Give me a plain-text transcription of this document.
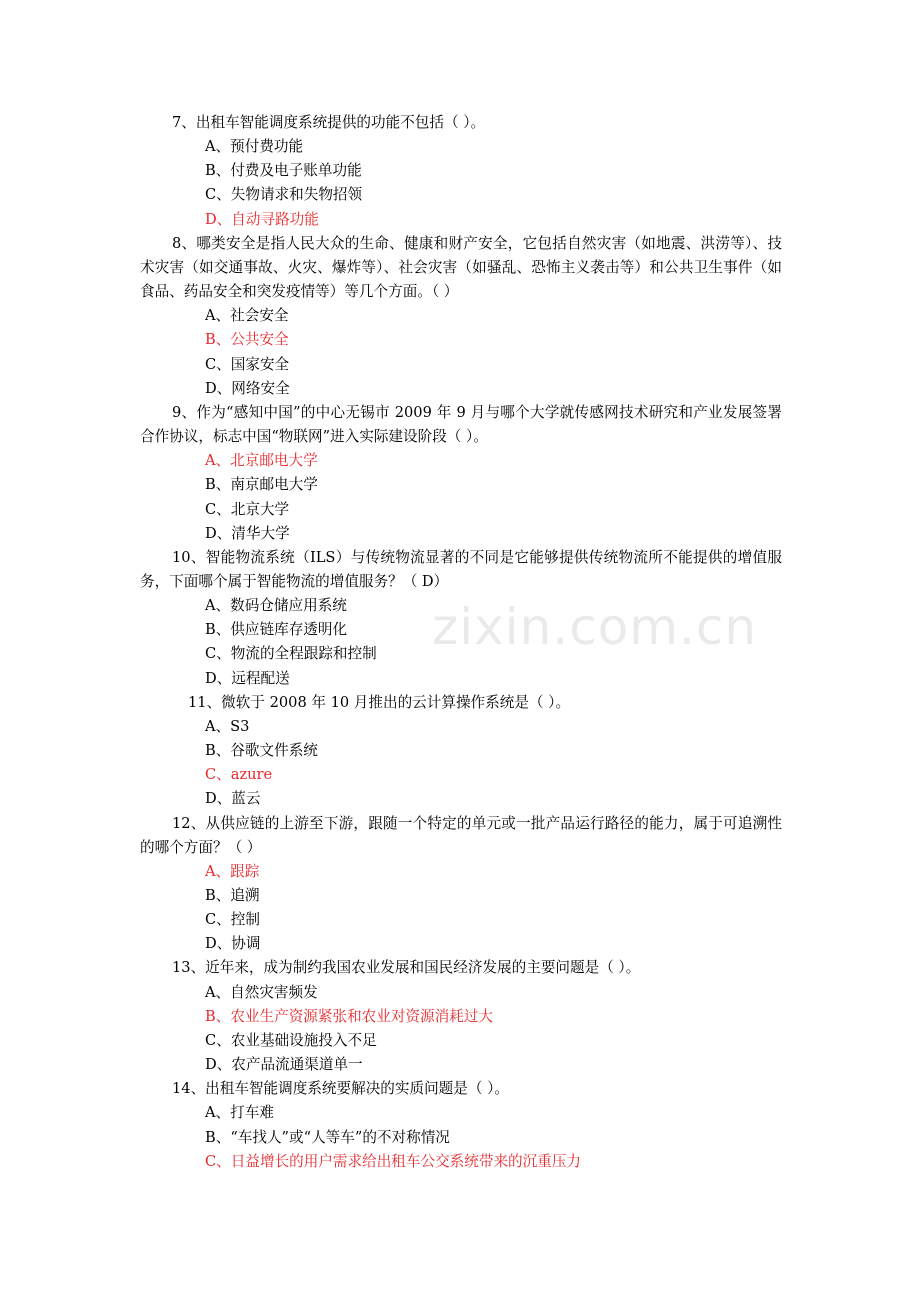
zixin.com.cn

7、出租车智能调度系统提供的功能不包括（ ）。

A、预付费功能

B、付费及电子账单功能

C、失物请求和失物招领

D、自动寻路功能

8、哪类安全是指人民大众的生命、健康和财产安全，它包括自然灾害（如地震、洪涝等）、技术灾害（如交通事故、火灾、爆炸等）、社会灾害（如骚乱、恐怖主义袭击等）和公共卫生事件（如食品、药品安全和突发疫情等）等几个方面。（ ）

A、社会安全

B、公共安全

C、国家安全

D、网络安全

9、作为“感知中国”的中心无锡市 2009 年 9 月与哪个大学就传感网技术研究和产业发展签署合作协议，标志中国“物联网”进入实际建设阶段（ ）。

A、北京邮电大学

B、南京邮电大学

C、北京大学

D、清华大学

10、智能物流系统（ILS）与传统物流显著的不同是它能够提供传统物流所不能提供的增值服务，下面哪个属于智能物流的增值服务？（ D）

A、数码仓储应用系统

B、供应链库存透明化

C、物流的全程跟踪和控制

D、远程配送

11、微软于 2008 年 10 月推出的云计算操作系统是（ ）。

A、S3

B、谷歌文件系统

C、azure

D、蓝云

12、从供应链的上游至下游，跟随一个特定的单元或一批产品运行路径的能力，属于可追溯性的哪个方面？（ ）

A、跟踪

B、追溯

C、控制

D、协调

13、近年来，成为制约我国农业发展和国民经济发展的主要问题是（ ）。

A、自然灾害频发

B、农业生产资源紧张和农业对资源消耗过大

C、农业基础设施投入不足

D、农产品流通渠道单一

14、出租车智能调度系统要解决的实质问题是（ ）。

A、打车难

B、“车找人”或“人等车”的不对称情况

C、日益增长的用户需求给出租车公交系统带来的沉重压力
